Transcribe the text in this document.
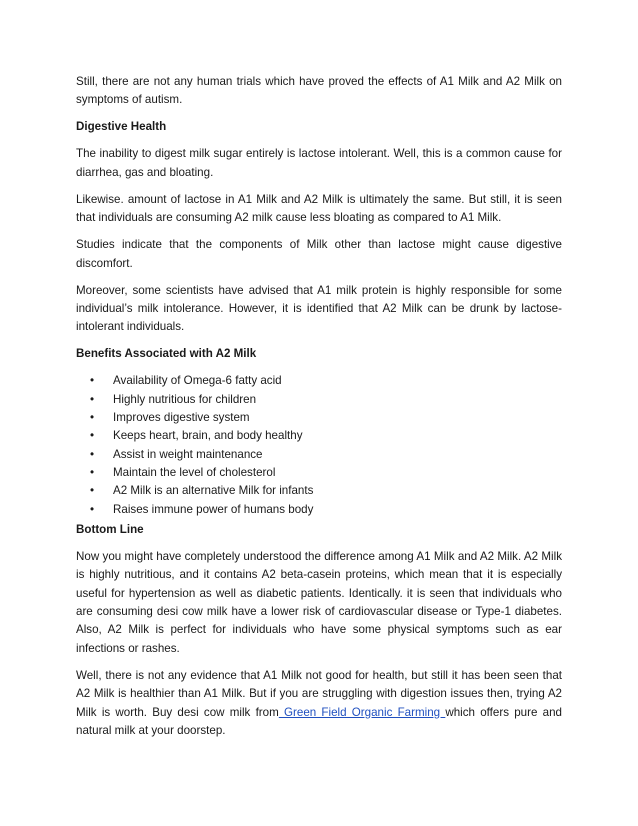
Still, there are not any human trials which have proved the effects of A1 Milk and A2 Milk on symptoms of autism.

Digestive Health

The inability to digest milk sugar entirely is lactose intolerant. Well, this is a common cause for diarrhea, gas and bloating.

Likewise. amount of lactose in A1 Milk and A2 Milk is ultimately the same. But still, it is seen that individuals are consuming A2 milk cause less bloating as compared to A1 Milk.

Studies indicate that the components of Milk other than lactose might cause digestive discomfort.

Moreover, some scientists have advised that A1 milk protein is highly responsible for some individual’s milk intolerance. However, it is identified that A2 Milk can be drunk by lactose-intolerant individuals.

Benefits Associated with A2 Milk
• Availability of Omega-6 fatty acid
• Highly nutritious for children
• Improves digestive system
• Keeps heart, brain, and body healthy
• Assist in weight maintenance
• Maintain the level of cholesterol
• A2 Milk is an alternative Milk for infants
• Raises immune power of humans body
Bottom Line

Now you might have completely understood the difference among A1 Milk and A2 Milk. A2 Milk is highly nutritious, and it contains A2 beta-casein proteins, which mean that it is especially useful for hypertension as well as diabetic patients. Identically. it is seen that individuals who are consuming desi cow milk have a lower risk of cardiovascular disease or Type-1 diabetes. Also, A2 Milk is perfect for individuals who have some physical symptoms such as ear infections or rashes.

Well, there is not any evidence that A1 Milk not good for health, but still it has been seen that A2 Milk is healthier than A1 Milk. But if you are struggling with digestion issues then, trying A2 Milk is worth. Buy desi cow milk from Green Field Organic Farming which offers pure and natural milk at your doorstep.
